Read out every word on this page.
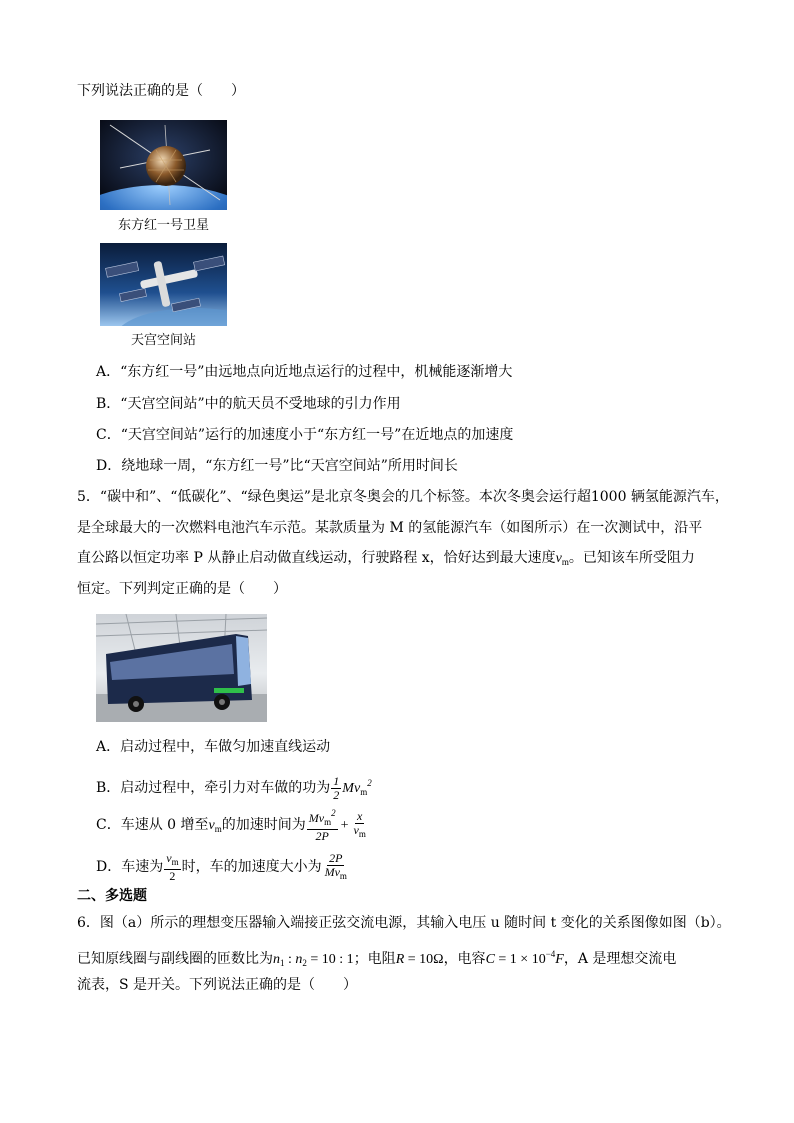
下列说法正确的是（　　）
东方红一号卫星
天宫空间站
A．“东方红一号”由远地点向近地点运行的过程中，机械能逐渐增大
B．“天宫空间站”中的航天员不受地球的引力作用
C．“天宫空间站”运行的加速度小于“东方红一号”在近地点的加速度
D．绕地球一周，“东方红一号”比“天宫空间站”所用时间长
5．“碳中和”、“低碳化”、“绿色奥运”是北京冬奥会的几个标签。本次冬奥会运行超1000 辆氢能源汽车，
是全球最大的一次燃料电池汽车示范。某款质量为 M 的氢能源汽车（如图所示）在一次测试中，沿平
直公路以恒定功率 P 从静止启动做直线运动，行驶路程 x，恰好达到最大速度$v_m$。已知该车所受阻力
恒定。下列判定正确的是（　　）
A．启动过程中，车做匀加速直线运动
B．启动过程中，牵引力对车做的功为 $\frac{1}{2} Mv_m^2$
C．车速从 0 增至$v_m$的加速时间为 $\frac{Mv_m^2}{2P} + \frac{x}{v_m}$
D．车速为 $\frac{v_m}{2}$ 时，车的加速度大小为 $\frac{2P}{Mv_m}$
二、多选题
6．图（a）所示的理想变压器输入端接正弦交流电源，其输入电压 u 随时间 t 变化的关系图像如图（b）。
已知原线圈与副线圈的匝数比为$n_1$ : $n_2 = 10$ : 1；电阻R = 10Ω，电容$C = 1 \times 10^{-4}F$，A 是理想交流电
流表，S 是开关。下列说法正确的是（　　）
